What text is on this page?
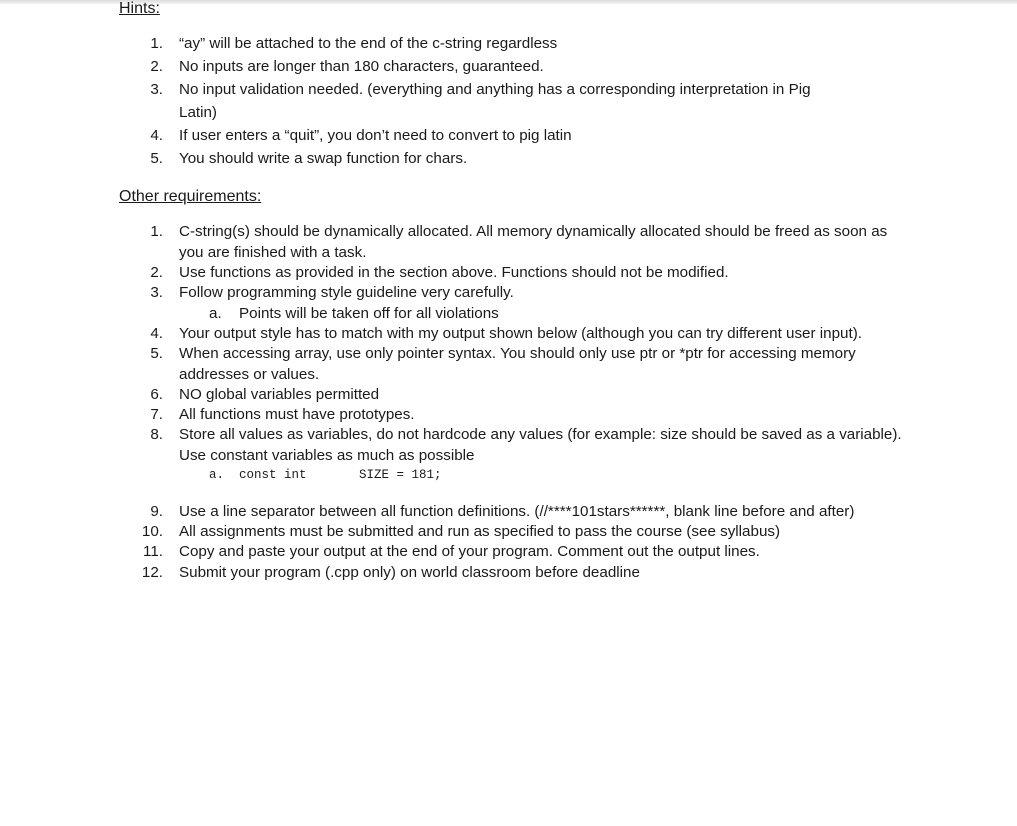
Hints:
1. “ay” will be attached to the end of the c-string regardless
2. No inputs are longer than 180 characters, guaranteed.
3. No input validation needed. (everything and anything has a corresponding interpretation in Pig
Latin)
4. If user enters a “quit”, you don’t need to convert to pig latin
5. You should write a swap function for chars.
Other requirements:
1. C-string(s) should be dynamically allocated. All memory dynamically allocated should be freed as soon as
you are finished with a task.
2. Use functions as provided in the section above. Functions should not be modified.
3. Follow programming style guideline very carefully.
a. Points will be taken off for all violations
4. Your output style has to match with my output shown below (although you can try different user input).
5. When accessing array, use only pointer syntax. You should only use ptr or *ptr for accessing memory
addresses or values.
6. NO global variables permitted
7. All functions must have prototypes.
8. Store all values as variables, do not hardcode any values (for example: size should be saved as a variable).
Use constant variables as much as possible
a. const int	SIZE = 181;
9. Use a line separator between all function definitions. (//****101stars******, blank line before and after)
10. All assignments must be submitted and run as specified to pass the course (see syllabus)
11. Copy and paste your output at the end of your program. Comment out the output lines.
12. Submit your program (.cpp only) on world classroom before deadline
